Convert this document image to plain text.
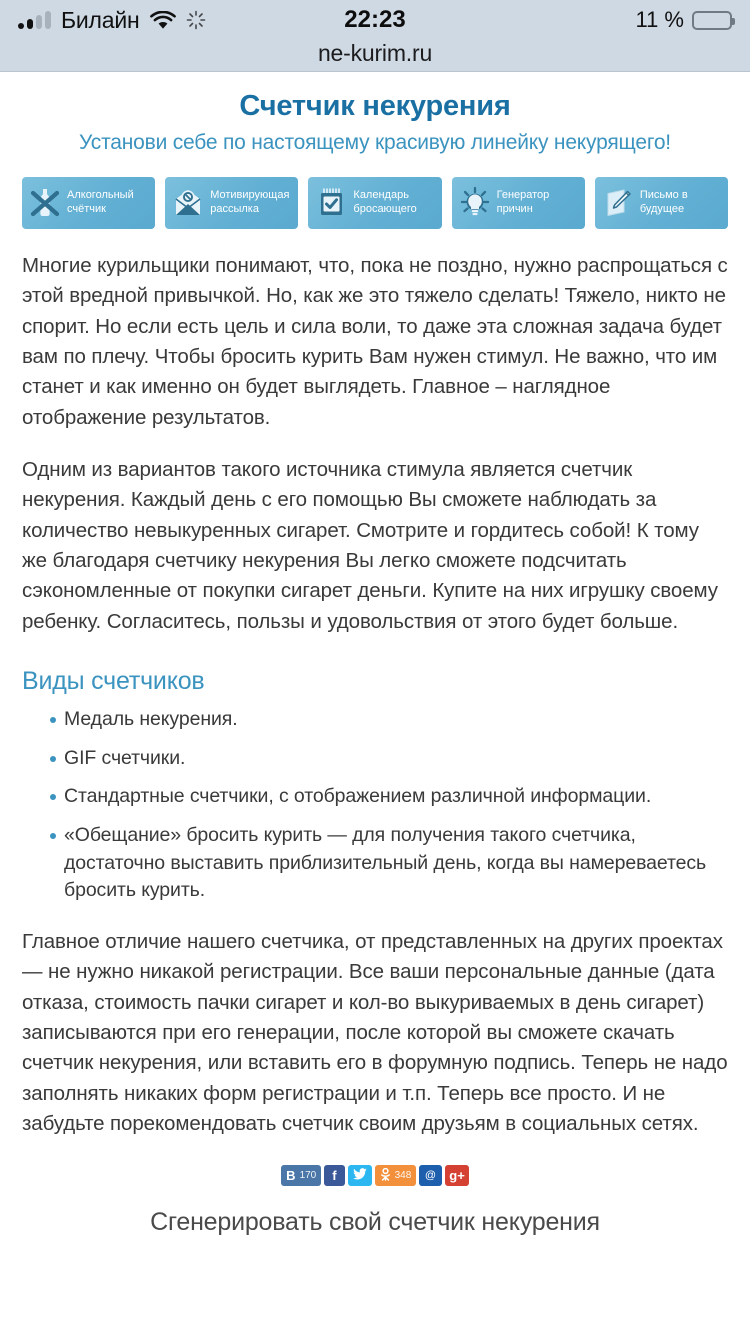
Билайн	22:23	11 %
ne-kurim.ru
Счетчик некурения
Установи себе по настоящему красивую линейку некурящего!
Алкогольный
счётчик
Мотивирующая
рассылка
Календарь
бросающего
Генератор
причин
Письмо в
будущее

Многие курильщики понимают, что, пока не поздно, нужно распрощаться с этой вредной привычкой. Но, как же это тяжело сделать! Тяжело, никто не спорит. Но если есть цель и сила воли, то даже эта сложная задача будет вам по плечу. Чтобы бросить курить Вам нужен стимул. Не важно, что им станет и как именно он будет выглядеть. Главное – наглядное отображение результатов.

Одним из вариантов такого источника стимула является счетчик некурения. Каждый день с его помощью Вы сможете наблюдать за количество невыкуренных сигарет. Смотрите и гордитесь собой! К тому же благодаря счетчику некурения Вы легко сможете подсчитать сэкономленные от покупки сигарет деньги. Купите на них игрушку своему ребенку. Согласитесь, пользы и удовольствия от этого будет больше.

Виды счетчиков
Медаль некурения.
GIF счетчики.
Стандартные счетчики, с отображением различной информации.
«Обещание» бросить курить — для получения такого счетчика, достаточно выставить приблизительный день, когда вы намереваетесь бросить курить.

Главное отличие нашего счетчика, от представленных на других проектах — не нужно никакой регистрации. Все ваши персональные данные (дата отказа, стоимость пачки сигарет и кол-во выкуриваемых в день сигарет) записываются при его генерации, после которой вы сможете скачать счетчик некурения, или вставить его в форумную подпись. Теперь не надо заполнять никаких форм регистрации и т.п. Теперь все просто. И не забудьте порекомендовать счетчик своим друзьям в социальных сетях.

В 170 f	348 @ g+
Сгенерировать свой счетчик некурения
